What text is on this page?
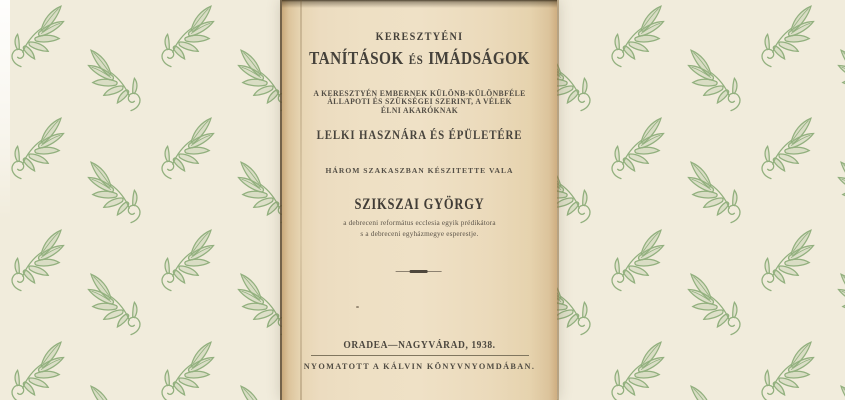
KERESZTYÉNI
TANÍTÁSOK ÉS IMÁDSÁGOK
A KERESZTYÉN EMBERNEK KÜLÖNB-KÜLÖNBFÉLE
ÁLLAPOTI ÉS SZÜKSÉGEI SZERINT, A VÉLEK
ÉLNI AKARÓKNAK
LELKI HASZNÁRA ÉS ÉPÜLETÉRE
HÁROM SZAKASZBAN KÉSZITETTE VALA
SZIKSZAI GYÖRGY
a debreceni református ecclesia egyik prédikátora
s a debreceni egyházmegye esperestje.
ORADEA—NAGYVÁRAD, 1938.
NYOMATOTT A KÁLVIN KÖNYVNYOMDÁBAN.
